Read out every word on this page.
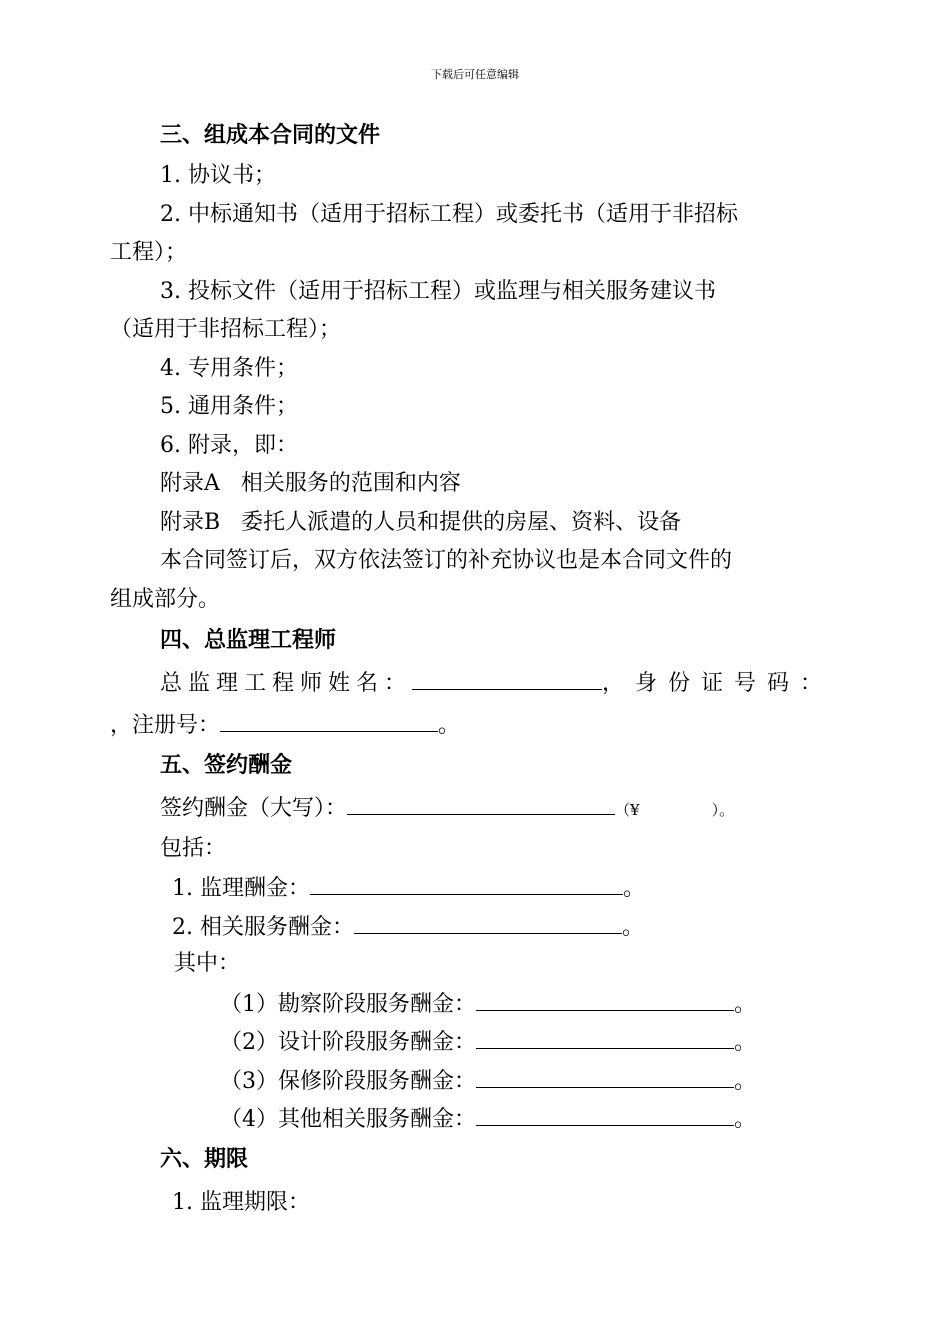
下载后可任意编辑
三、组成本合同的文件
1. 协议书；
2. 中标通知书（适用于招标工程）或委托书（适用于非招标
工程）；
3. 投标文件（适用于招标工程）或监理与相关服务建议书
（适用于非招标工程）；
4. 专用条件；
5. 通用条件；
6. 附录，即：
附录A   相关服务的范围和内容
附录B   委托人派遣的人员和提供的房屋、资料、设备
本合同签订后，双方依法签订的补充协议也是本合同文件的
组成部分。
四、总监理工程师
总监理工程师姓名：	，身份证号码：
，注册号：	。
五、签约酬金
签约酬金（大写）：	（¥	）。
包括：
1. 监理酬金：	。
2. 相关服务酬金：	。
其中：
（1）勘察阶段服务酬金：	。
（2）设计阶段服务酬金：	。
（3）保修阶段服务酬金：	。
（4）其他相关服务酬金：	。
六、期限
1. 监理期限：
